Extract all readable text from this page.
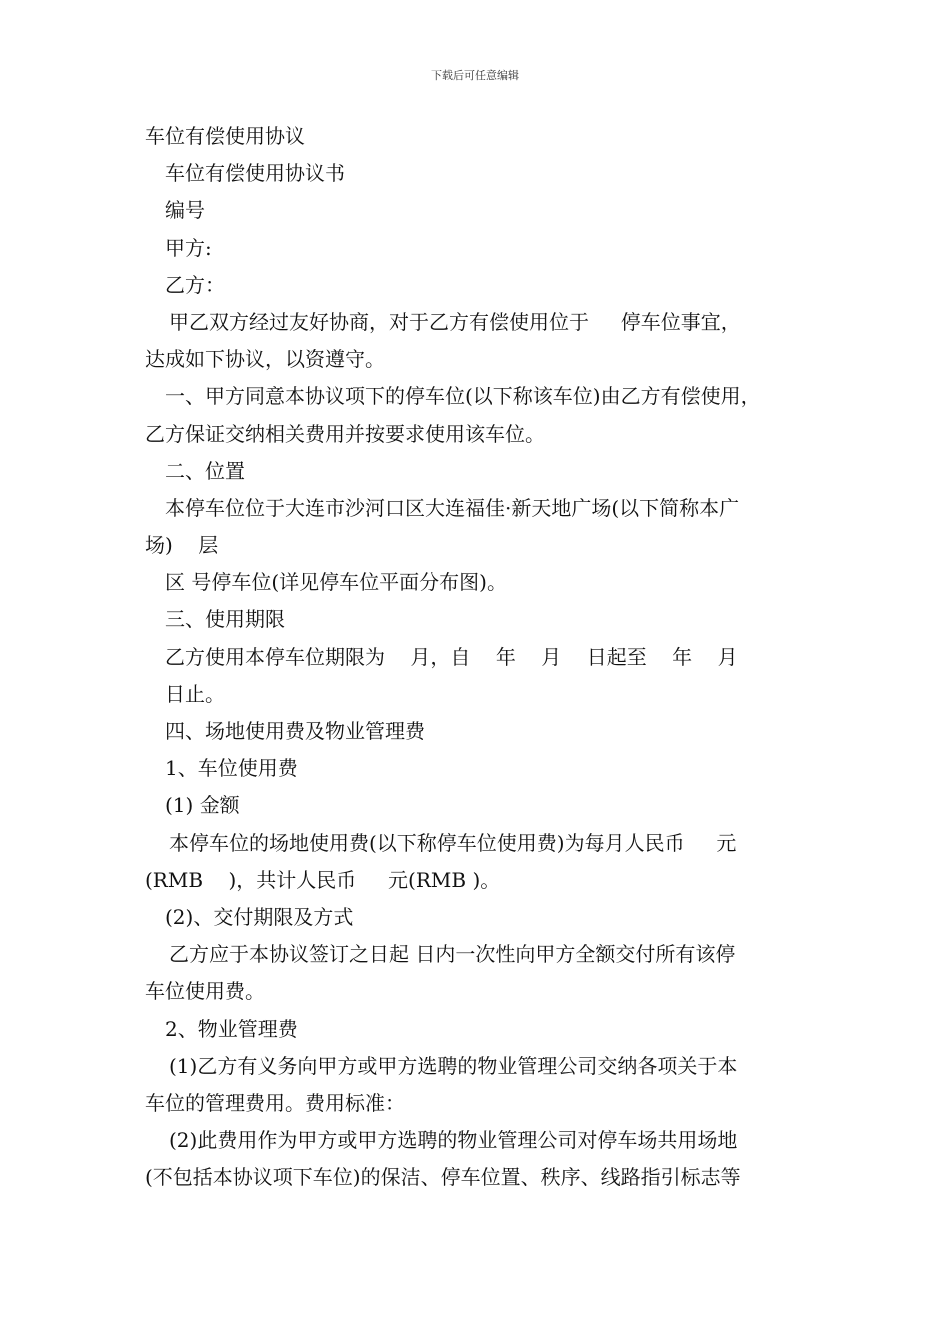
下载后可任意编辑
车位有偿使用协议
车位有偿使用协议书
编号
甲方:
乙方：
甲乙双方经过友好协商，对于乙方有偿使用位于     停车位事宜，
达成如下协议，以资遵守。
一、甲方同意本协议项下的停车位(以下称该车位)由乙方有偿使用，
乙方保证交纳相关费用并按要求使用该车位。
二、位置
本停车位位于大连市沙河口区大连福佳·新天地广场(以下简称本广
场)    层
区 号停车位(详见停车位平面分布图)。
三、使用期限
乙方使用本停车位期限为    月，自    年    月    日起至    年    月
日止。
四、场地使用费及物业管理费
1、车位使用费
(1) 金额
本停车位的场地使用费(以下称停车位使用费)为每月人民币     元
(RMB    )，共计人民币     元(RMB )。
(2)、交付期限及方式
乙方应于本协议签订之日起 日内一次性向甲方全额交付所有该停
车位使用费。
2、物业管理费
(1)乙方有义务向甲方或甲方选聘的物业管理公司交纳各项关于本
车位的管理费用。费用标准：
(2)此费用作为甲方或甲方选聘的物业管理公司对停车场共用场地
(不包括本协议项下车位)的保洁、停车位置、秩序、线路指引标志等
